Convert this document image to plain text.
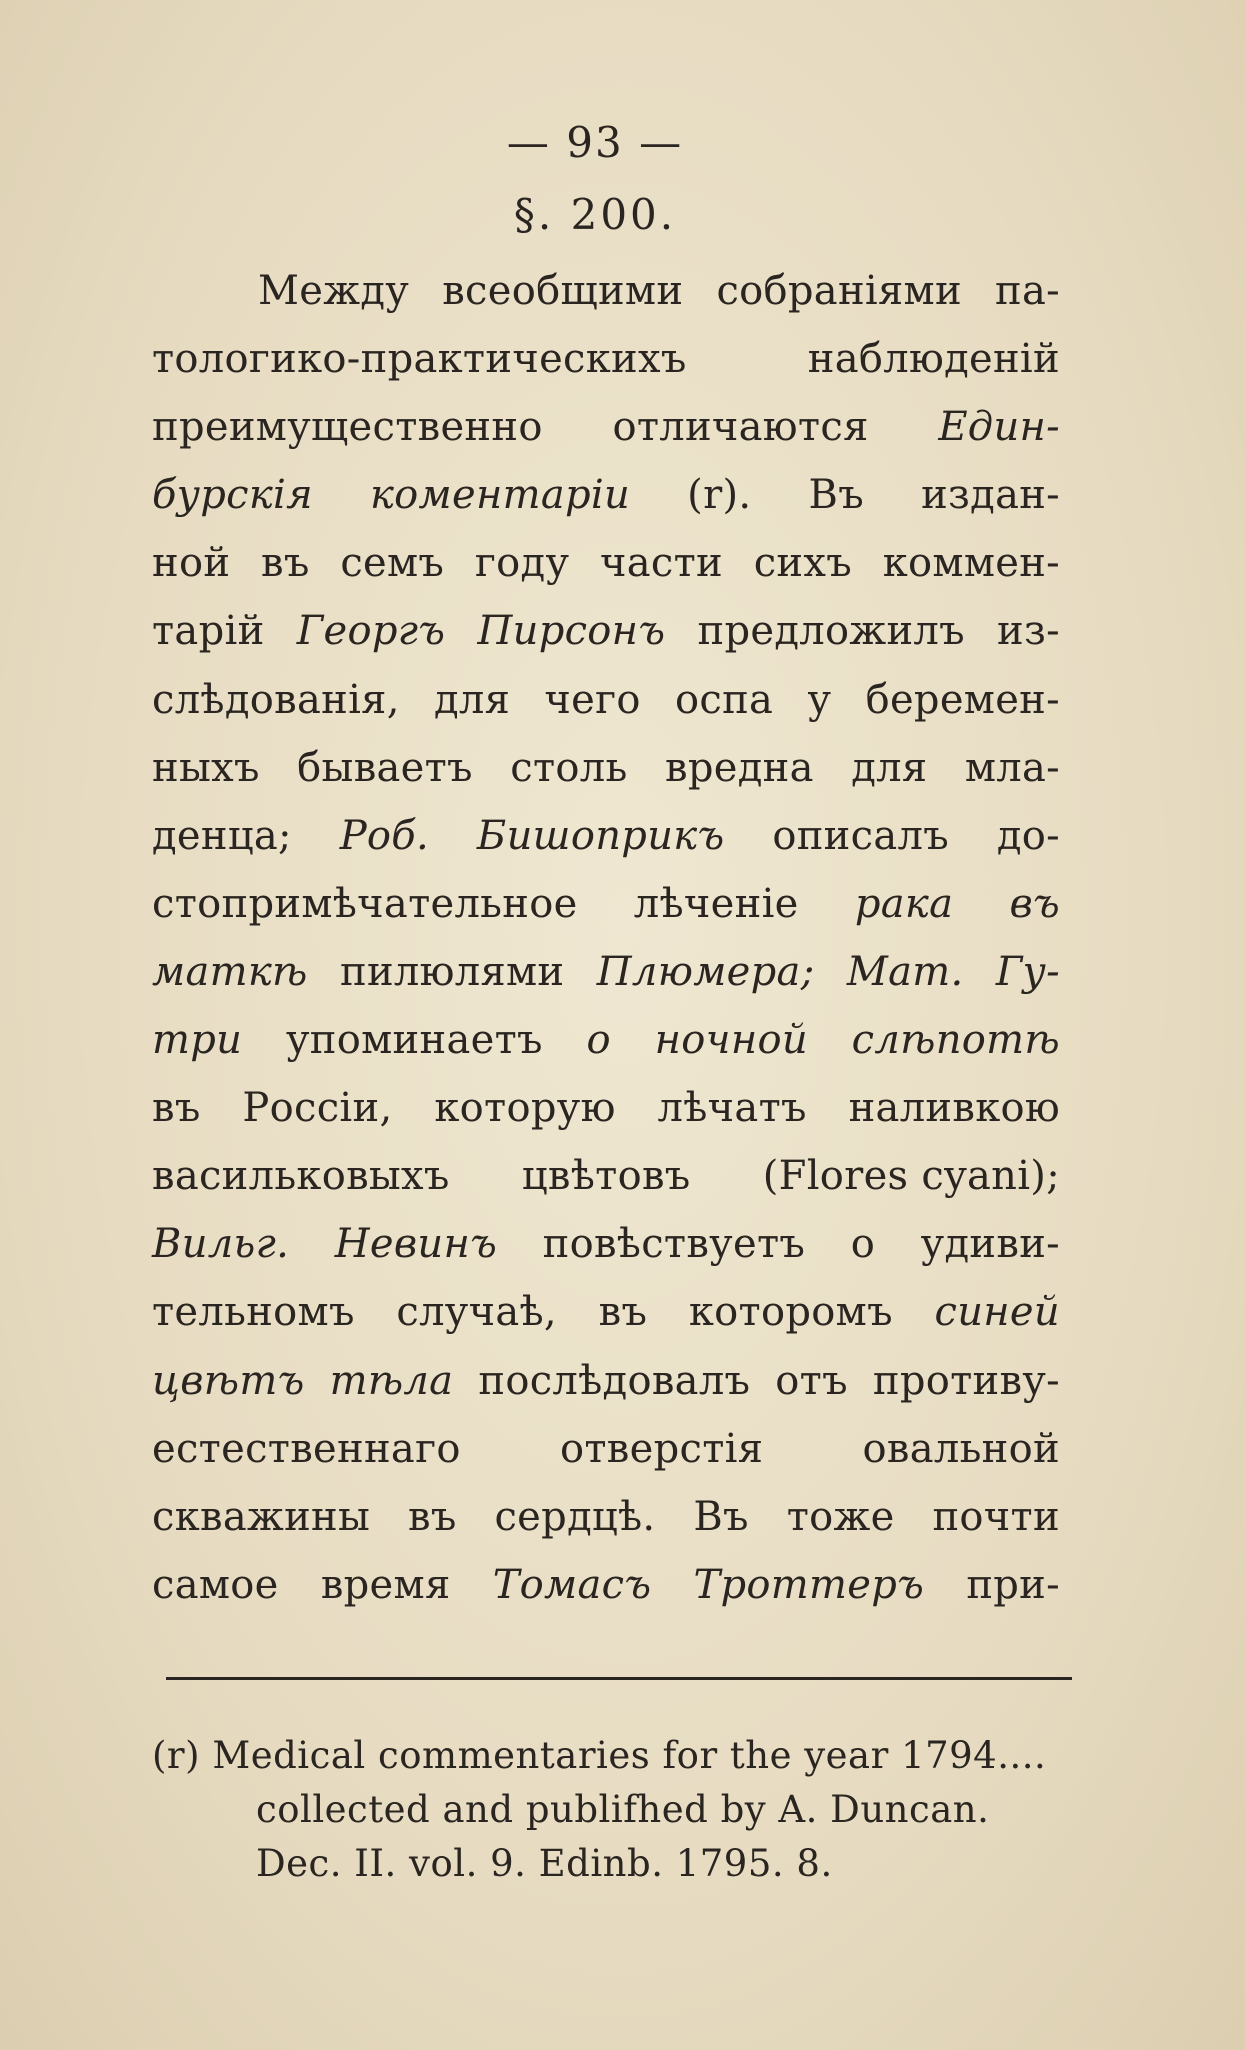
— 93 —
§. 200.
Между всеобщими собраніями па-
тологико-практическихъ	наблюденій
преимущественно отличаются Един-
бурскія коментаріи (r). Въ издан-
ной въ семъ году части сихъ коммен-
тарій Георгъ Пирсонъ предложилъ из-
слѣдованія, для чего оспа у беремен-
ныхъ бываетъ столь вредна для мла-
денца; Роб. Бишоприкъ описалъ до-
стопримѣчательное лѣченіе рака въ
маткѣ пилюлями Плюмера; Мат. Гу-
три упоминаетъ о ночной слѣпотѣ
въ Россіи, которую лѣчатъ наливкою
васильковыхъ цвѣтовъ (Flores cyani);
Вильг. Невинъ повѣствуетъ о удиви-
тельномъ случаѣ, въ которомъ синей
цвѣтъ тѣла послѣдовалъ отъ противу-
естественнаго отверстія овальной
скважины въ сердцѣ. Въ тоже почти
самое время Томасъ Троттеръ при-
(r) Medical commentaries for the year 1794....
collected and publifhed by A. Duncan.
Dec. II. vol. 9. Edinb. 1795. 8.
